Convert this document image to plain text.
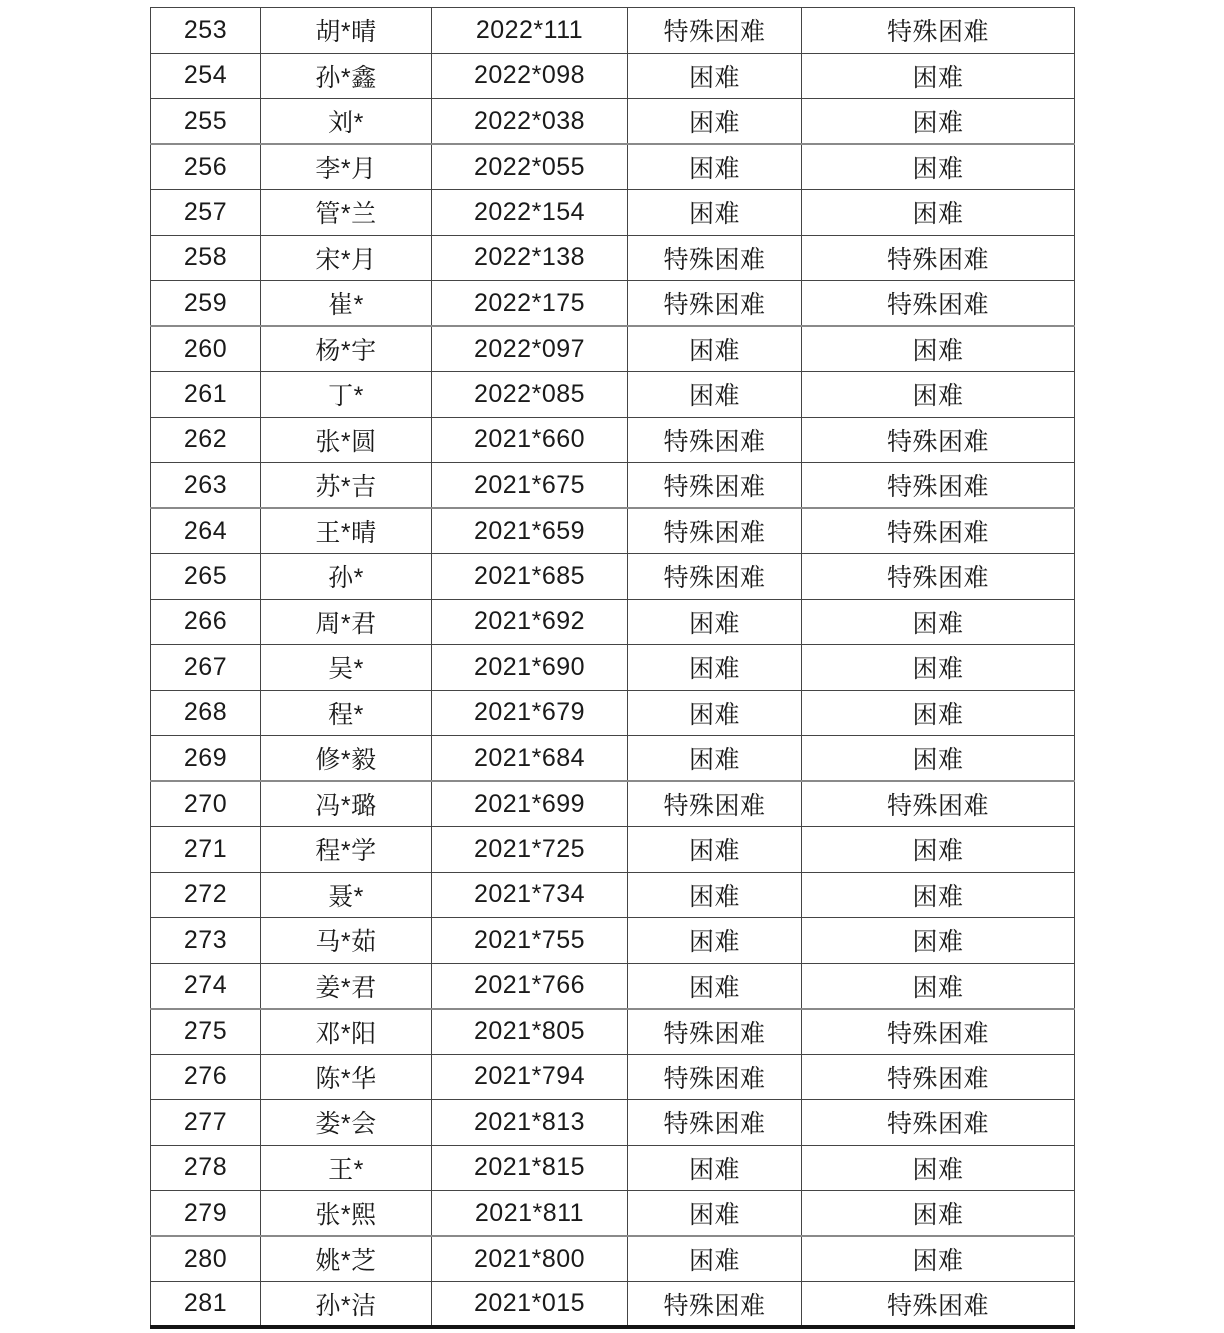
253	胡*晴	2022*111	特殊困难	特殊困难
254	孙*鑫	2022*098	困难	困难
255	刘*	2022*038	困难	困难
256	李*月	2022*055	困难	困难
257	管*兰	2022*154	困难	困难
258	宋*月	2022*138	特殊困难	特殊困难
259	崔*	2022*175	特殊困难	特殊困难
260	杨*宇	2022*097	困难	困难
261	丁*	2022*085	困难	困难
262	张*圆	2021*660	特殊困难	特殊困难
263	苏*吉	2021*675	特殊困难	特殊困难
264	王*晴	2021*659	特殊困难	特殊困难
265	孙*	2021*685	特殊困难	特殊困难
266	周*君	2021*692	困难	困难
267	吴*	2021*690	困难	困难
268	程*	2021*679	困难	困难
269	修*毅	2021*684	困难	困难
270	冯*璐	2021*699	特殊困难	特殊困难
271	程*学	2021*725	困难	困难
272	聂*	2021*734	困难	困难
273	马*茹	2021*755	困难	困难
274	姜*君	2021*766	困难	困难
275	邓*阳	2021*805	特殊困难	特殊困难
276	陈*华	2021*794	特殊困难	特殊困难
277	娄*会	2021*813	特殊困难	特殊困难
278	王*	2021*815	困难	困难
279	张*熙	2021*811	困难	困难
280	姚*芝	2021*800	困难	困难
281	孙*洁	2021*015	特殊困难	特殊困难
